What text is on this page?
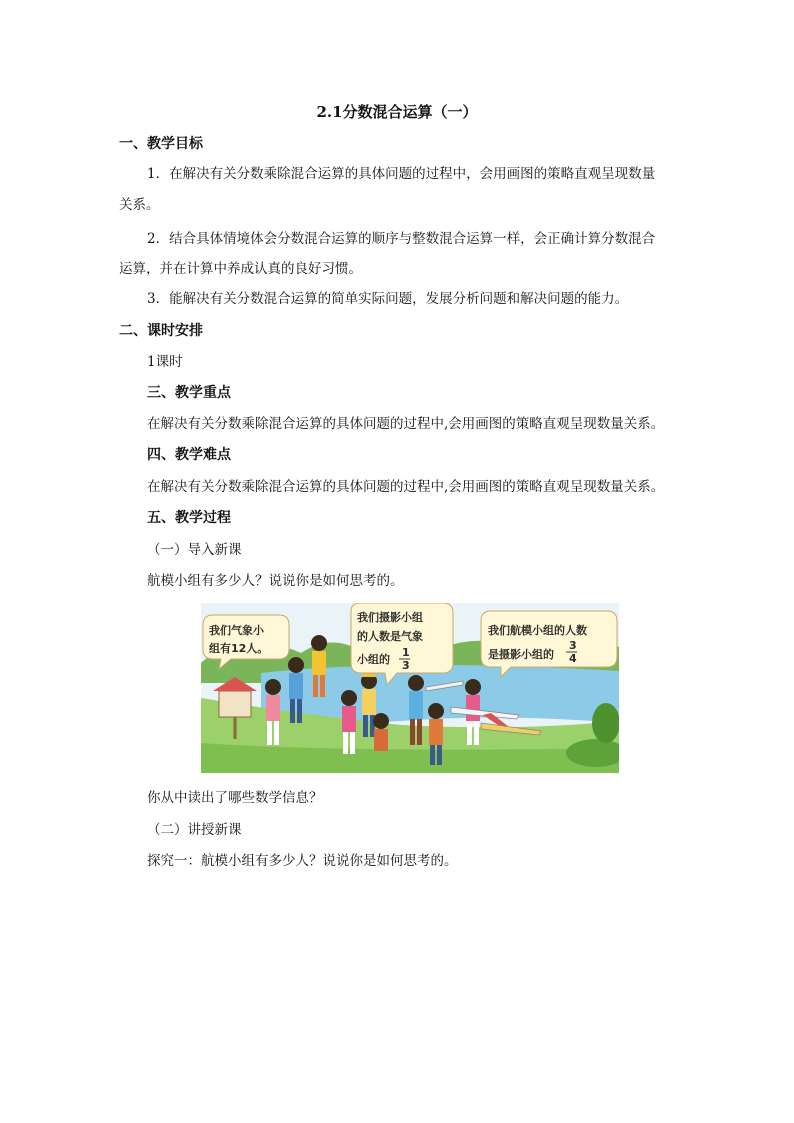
2.1分数混合运算（一）
一、教学目标
1．在解决有关分数乘除混合运算的具体问题的过程中，会用画图的策略直观呈现数量
关系。
2．结合具体情境体会分数混合运算的顺序与整数混合运算一样，会正确计算分数混合
运算，并在计算中养成认真的良好习惯。
3．能解决有关分数混合运算的简单实际问题，发展分析问题和解决问题的能力。
二、课时安排
1课时
三、教学重点
在解决有关分数乘除混合运算的具体问题的过程中,会用画图的策略直观呈现数量关系。
四、教学难点
在解决有关分数乘除混合运算的具体问题的过程中,会用画图的策略直观呈现数量关系。
五、教学过程
（一）导入新课
航模小组有多少人？说说你是如何思考的。
我们气象小
组有12人。
我们摄影小组
的人数是气象
小组的
1
3
我们航模小组的人数
是摄影小组的
3
4
你从中读出了哪些数学信息？
（二）讲授新课
探究一：航模小组有多少人？说说你是如何思考的。
